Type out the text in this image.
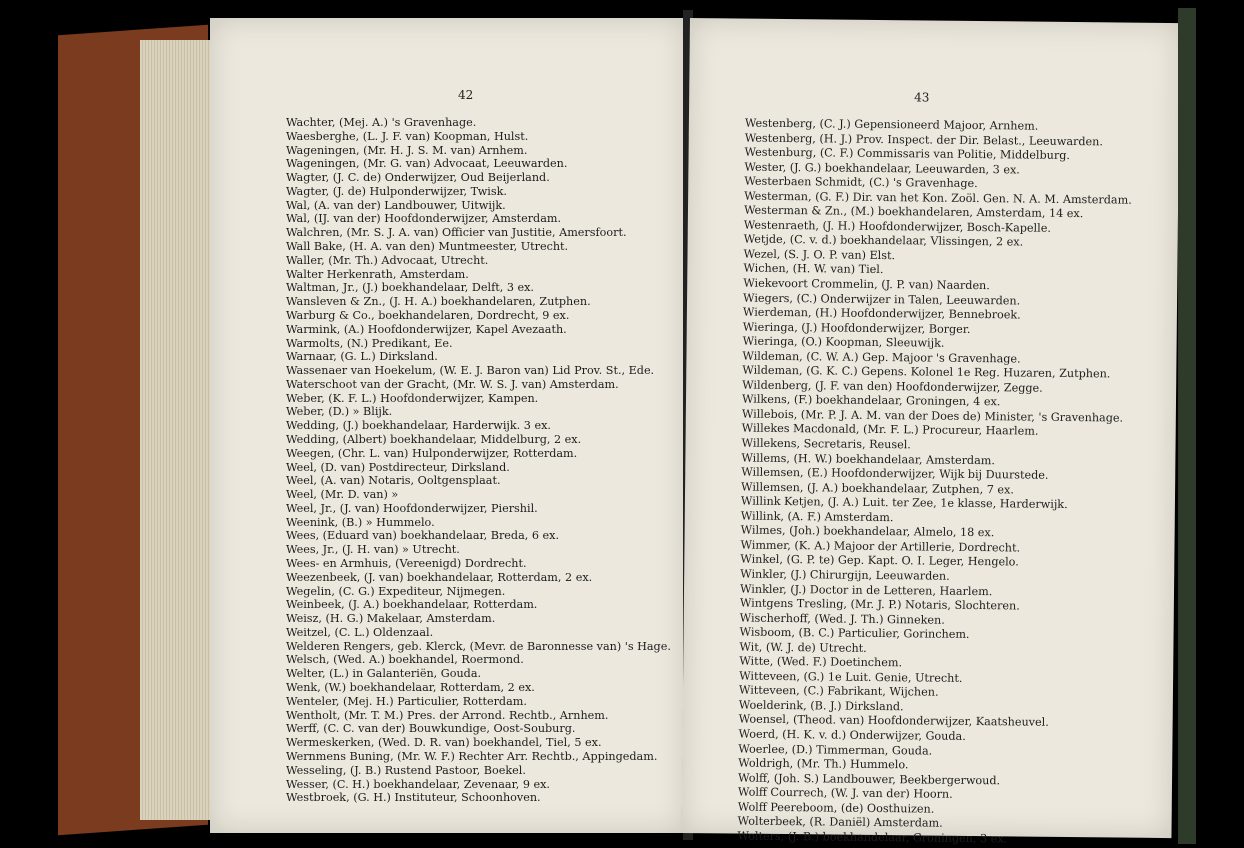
42
Wachter, (Mej. A.) 's Gravenhage.
Waesberghe, (L. J. F. van) Koopman, Hulst.
Wageningen, (Mr. H. J. S. M. van) Arnhem.
Wageningen, (Mr. G. van) Advocaat, Leeuwarden.
Wagter, (J. C. de) Onderwijzer, Oud Beijerland.
Wagter, (J. de) Hulponderwijzer, Twisk.
Wal, (A. van der) Landbouwer, Uitwijk.
Wal, (IJ. van der) Hoofdonderwijzer, Amsterdam.
Walchren, (Mr. S. J. A. van) Officier van Justitie, Amersfoort.
Wall Bake, (H. A. van den) Muntmeester, Utrecht.
Waller, (Mr. Th.) Advocaat, Utrecht.
Walter Herkenrath, Amsterdam.
Waltman, Jr., (J.) boekhandelaar, Delft, 3 ex.
Wansleven & Zn., (J. H. A.) boekhandelaren, Zutphen.
Warburg & Co., boekhandelaren, Dordrecht, 9 ex.
Warmink, (A.) Hoofdonderwijzer, Kapel Avezaath.
Warmolts, (N.) Predikant, Ee.
Warnaar, (G. L.) Dirksland.
Wassenaer van Hoekelum, (W. E. J. Baron van) Lid Prov. St., Ede.
Waterschoot van der Gracht, (Mr. W. S. J. van) Amsterdam.
Weber, (K. F. L.) Hoofdonderwijzer, Kampen.
Weber, (D.) » Blijk.
Wedding, (J.) boekhandelaar, Harderwijk. 3 ex.
Wedding, (Albert) boekhandelaar, Middelburg, 2 ex.
Weegen, (Chr. L. van) Hulponderwijzer, Rotterdam.
Weel, (D. van) Postdirecteur, Dirksland.
Weel, (A. van) Notaris, Ooltgensplaat.
Weel, (Mr. D. van) »
Weel, Jr., (J. van) Hoofdonderwijzer, Piershil.
Weenink, (B.) » Hummelo.
Wees, (Eduard van) boekhandelaar, Breda, 6 ex.
Wees, Jr., (J. H. van) » Utrecht.
Wees- en Armhuis, (Vereenigd) Dordrecht.
Weezenbeek, (J. van) boekhandelaar, Rotterdam, 2 ex.
Wegelin, (C. G.) Expediteur, Nijmegen.
Weinbeek, (J. A.) boekhandelaar, Rotterdam.
Weisz, (H. G.) Makelaar, Amsterdam.
Weitzel, (C. L.) Oldenzaal.
Welderen Rengers, geb. Klerck, (Mevr. de Baronnesse van) 's Hage.
Welsch, (Wed. A.) boekhandel, Roermond.
Welter, (L.) in Galanteriën, Gouda.
Wenk, (W.) boekhandelaar, Rotterdam, 2 ex.
Wenteler, (Mej. H.) Particulier, Rotterdam.
Wentholt, (Mr. T. M.) Pres. der Arrond. Rechtb., Arnhem.
Werff, (C. C. van der) Bouwkundige, Oost-Souburg.
Wermeskerken, (Wed. D. R. van) boekhandel, Tiel, 5 ex.
Wernmens Buning, (Mr. W. F.) Rechter Arr. Rechtb., Appingedam.
Wesseling, (J. B.) Rustend Pastoor, Boekel.
Wesser, (C. H.) boekhandelaar, Zevenaar, 9 ex.
Westbroek, (G. H.) Instituteur, Schoonhoven.
43
Westenberg, (C. J.) Gepensioneerd Majoor, Arnhem.
Westenberg, (H. J.) Prov. Inspect. der Dir. Belast., Leeuwarden.
Westenburg, (C. F.) Commissaris van Politie, Middelburg.
Wester, (J. G.) boekhandelaar, Leeuwarden, 3 ex.
Westerbaen Schmidt, (C.) 's Gravenhage.
Westerman, (G. F.) Dir. van het Kon. Zoöl. Gen. N. A. M. Amsterdam.
Westerman & Zn., (M.) boekhandelaren, Amsterdam, 14 ex.
Westenraeth, (J. H.) Hoofdonderwijzer, Bosch-Kapelle.
Wetjde, (C. v. d.) boekhandelaar, Vlissingen, 2 ex.
Wezel, (S. J. O. P. van) Elst.
Wichen, (H. W. van) Tiel.
Wiekevoort Crommelin, (J. P. van) Naarden.
Wiegers, (C.) Onderwijzer in Talen, Leeuwarden.
Wierdeman, (H.) Hoofdonderwijzer, Bennebroek.
Wieringa, (J.) Hoofdonderwijzer, Borger.
Wieringa, (O.) Koopman, Sleeuwijk.
Wildeman, (C. W. A.) Gep. Majoor 's Gravenhage.
Wildeman, (G. K. C.) Gepens. Kolonel 1e Reg. Huzaren, Zutphen.
Wildenberg, (J. F. van den) Hoofdonderwijzer, Zegge.
Wilkens, (F.) boekhandelaar, Groningen, 4 ex.
Willebois, (Mr. P. J. A. M. van der Does de) Minister, 's Gravenhage.
Willekes Macdonald, (Mr. F. L.) Procureur, Haarlem.
Willekens, Secretaris, Reusel.
Willems, (H. W.) boekhandelaar, Amsterdam.
Willemsen, (E.) Hoofdonderwijzer, Wijk bij Duurstede.
Willemsen, (J. A.) boekhandelaar, Zutphen, 7 ex.
Willink Ketjen, (J. A.) Luit. ter Zee, 1e klasse, Harderwijk.
Willink, (A. F.) Amsterdam.
Wilmes, (Joh.) boekhandelaar, Almelo, 18 ex.
Wimmer, (K. A.) Majoor der Artillerie, Dordrecht.
Winkel, (G. P. te) Gep. Kapt. O. I. Leger, Hengelo.
Winkler, (J.) Chirurgijn, Leeuwarden.
Winkler, (J.) Doctor in de Letteren, Haarlem.
Wintgens Tresling, (Mr. J. P.) Notaris, Slochteren.
Wischerhoff, (Wed. J. Th.) Ginneken.
Wisboom, (B. C.) Particulier, Gorinchem.
Wit, (W. J. de) Utrecht.
Witte, (Wed. F.) Doetinchem.
Witteveen, (G.) 1e Luit. Genie, Utrecht.
Witteveen, (C.) Fabrikant, Wijchen.
Woelderink, (B. J.) Dirksland.
Woensel, (Theod. van) Hoofdonderwijzer, Kaatsheuvel.
Woerd, (H. K. v. d.) Onderwijzer, Gouda.
Woerlee, (D.) Timmerman, Gouda.
Woldrigh, (Mr. Th.) Hummelo.
Wolff, (Joh. S.) Landbouwer, Beekbergerwoud.
Wolff Courrech, (W. J. van der) Hoorn.
Wolff Peereboom, (de) Oosthuizen.
Wolterbeek, (R. Daniël) Amsterdam.
Wolters, (J. B.) boekhandelaar, Groningen, 3 ex.
